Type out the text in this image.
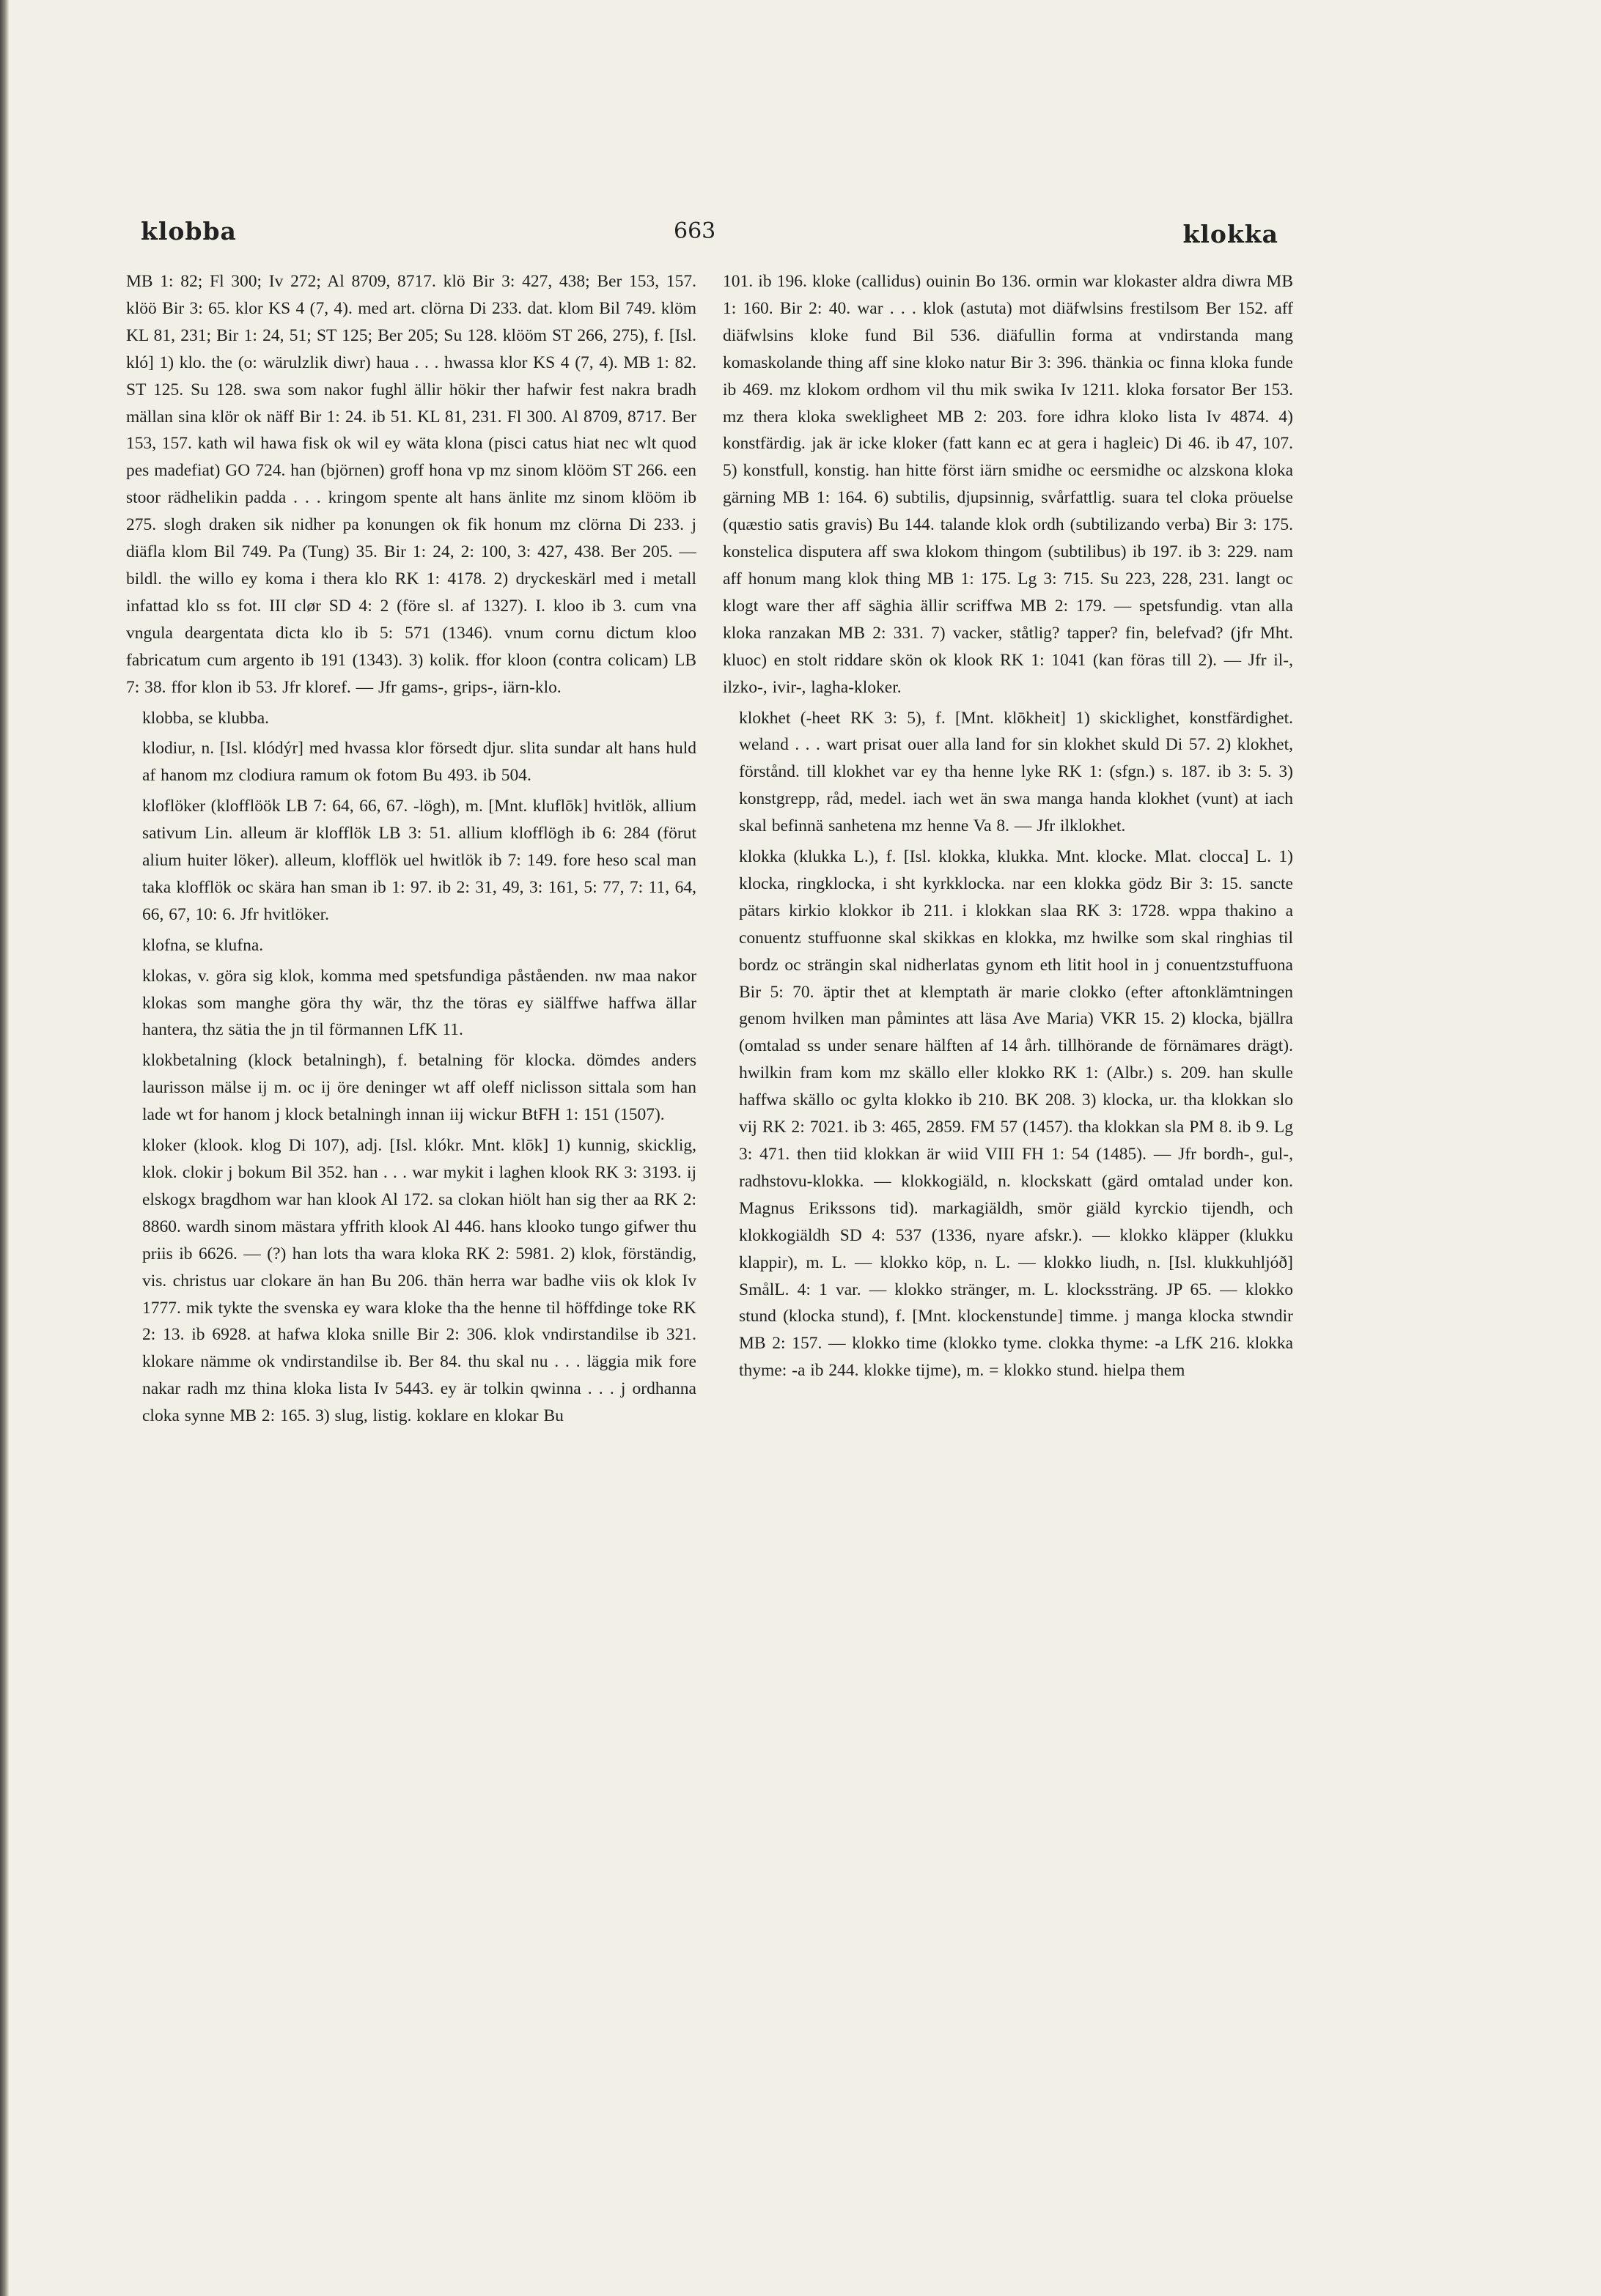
klobba	663	klokka

MB 1: 82; Fl 300; Iv 272; Al 8709, 8717. klö Bir 3: 427, 438; Ber 153, 157. klöö Bir 3: 65. klor KS 4 (7, 4). med art. clörna Di 233. dat. klom Bil 749. klöm KL 81, 231; Bir 1: 24, 51; ST 125; Ber 205; Su 128. klööm ST 266, 275), f. [Isl. kló] 1) klo. the (o: wärulzlik diwr) haua . . . hwassa klor KS 4 (7, 4). MB 1: 82. ST 125. Su 128. swa som nakor fughl ällir hökir ther hafwir fest nakra bradh mällan sina klör ok näff Bir 1: 24. ib 51. KL 81, 231. Fl 300. Al 8709, 8717. Ber 153, 157. kath wil hawa fisk ok wil ey wäta klona (pisci catus hiat nec wlt quod pes madefiat) GO 724. han (björnen) groff hona vp mz sinom klööm ST 266. een stoor rädhelikin padda . . . kringom spente alt hans änlite mz sinom klööm ib 275. slogh draken sik nidher pa konungen ok fik honum mz clörna Di 233. j diäfla klom Bil 749. Pa (Tung) 35. Bir 1: 24, 2: 100, 3: 427, 438. Ber 205. — bildl. the willo ey koma i thera klo RK 1: 4178. 2) dryckeskärl med i metall infattad klo ss fot. III clør SD 4: 2 (före sl. af 1327). I. kloo ib 3. cum vna vngula deargentata dicta klo ib 5: 571 (1346). vnum cornu dictum kloo fabricatum cum argento ib 191 (1343). 3) kolik. ffor kloon (contra colicam) LB 7: 38. ffor klon ib 53. Jfr kloref. — Jfr gams-, grips-, iärn-klo.

klobba, se klubba.

klodiur, n. [Isl. klódýr] med hvassa klor försedt djur. slita sundar alt hans huld af hanom mz clodiura ramum ok fotom Bu 493. ib 504.

kloflöker (klofflöök LB 7: 64, 66, 67. -lögh), m. [Mnt. kluflōk] hvitlök, allium sativum Lin. alleum är klofflök LB 3: 51. allium klofflögh ib 6: 284 (förut alium huiter löker). alleum, klofflök uel hwitlök ib 7: 149. fore heso scal man taka klofflök oc skära han sman ib 1: 97. ib 2: 31, 49, 3: 161, 5: 77, 7: 11, 64, 66, 67, 10: 6. Jfr hvitlöker.

klofna, se klufna.

klokas, v. göra sig klok, komma med spetsfundiga påståenden. nw maa nakor klokas som manghe göra thy wär, thz the töras ey siälffwe haffwa ällar hantera, thz sätia the jn til förmannen LfK 11.

klokbetalning (klock betalningh), f. betalning för klocka. dömdes anders laurisson mälse ij m. oc ij öre deninger wt aff oleff niclisson sittala som han lade wt for hanom j klock betalningh innan iij wickur BtFH 1: 151 (1507).

kloker (klook. klog Di 107), adj. [Isl. klókr. Mnt. klōk] 1) kunnig, skicklig, klok. clokir j bokum Bil 352. han . . . war mykit i laghen klook RK 3: 3193. ij elskogx bragdhom war han klook Al 172. sa clokan hiölt han sig ther aa RK 2: 8860. wardh sinom mästara yffrith klook Al 446. hans klooko tungo gifwer thu priis ib 6626. — (?) han lots tha wara kloka RK 2: 5981. 2) klok, förständig, vis. christus uar clokare än han Bu 206. thän herra war badhe viis ok klok Iv 1777. mik tykte the svenska ey wara kloke tha the henne til höffdinge toke RK 2: 13. ib 6928. at hafwa kloka snille Bir 2: 306. klok vndirstandilse ib 321. klokare nämme ok vndirstandilse ib. Ber 84. thu skal nu . . . läggia mik fore nakar radh mz thina kloka lista Iv 5443. ey är tolkin qwinna . . . j ordhanna cloka synne MB 2: 165. 3) slug, listig. koklare en klokar Bu

101. ib 196. kloke (callidus) ouinin Bo 136. ormin war klokaster aldra diwra MB 1: 160. Bir 2: 40. war . . . klok (astuta) mot diäfwlsins frestilsom Ber 152. aff diäfwlsins kloke fund Bil 536. diäfullin forma at vndirstanda mang komaskolande thing aff sine kloko natur Bir 3: 396. thänkia oc finna kloka funde ib 469. mz klokom ordhom vil thu mik swika Iv 1211. kloka forsator Ber 153. mz thera kloka swekligheet MB 2: 203. fore idhra kloko lista Iv 4874. 4) konstfärdig. jak är icke kloker (fatt kann ec at gera i hagleic) Di 46. ib 47, 107. 5) konstfull, konstig. han hitte först iärn smidhe oc eersmidhe oc alzskona kloka gärning MB 1: 164. 6) subtilis, djupsinnig, svårfattlig. suara tel cloka pröuelse (quæstio satis gravis) Bu 144. talande klok ordh (subtilizando verba) Bir 3: 175. konstelica disputera aff swa klokom thingom (subtilibus) ib 197. ib 3: 229. nam aff honum mang klok thing MB 1: 175. Lg 3: 715. Su 223, 228, 231. langt oc klogt ware ther aff säghia ällir scriffwa MB 2: 179. — spetsfundig. vtan alla kloka ranzakan MB 2: 331. 7) vacker, ståtlig? tapper? fin, belefvad? (jfr Mht. kluoc) en stolt riddare skön ok klook RK 1: 1041 (kan föras till 2). — Jfr il-, ilzko-, ivir-, lagha-kloker.

klokhet (-heet RK 3: 5), f. [Mnt. klōkheit] 1) skicklighet, konstfärdighet. weland . . . wart prisat ouer alla land for sin klokhet skuld Di 57. 2) klokhet, förstånd. till klokhet var ey tha henne lyke RK 1: (sfgn.) s. 187. ib 3: 5. 3) konstgrepp, råd, medel. iach wet än swa manga handa klokhet (vunt) at iach skal befinnä sanhetena mz henne Va 8. — Jfr ilklokhet.

klokka (klukka L.), f. [Isl. klokka, klukka. Mnt. klocke. Mlat. clocca] L. 1) klocka, ringklocka, i sht kyrkklocka. nar een klokka gödz Bir 3: 15. sancte pätars kirkio klokkor ib 211. i klokkan slaa RK 3: 1728. wppa thakino a conuentz stuffuonne skal skikkas en klokka, mz hwilke som skal ringhias til bordz oc strängin skal nidherlatas gynom eth litit hool in j conuentzstuffuona Bir 5: 70. äptir thet at klemptath är marie clokko (efter aftonklämtningen genom hvilken man påmintes att läsa Ave Maria) VKR 15. 2) klocka, bjällra (omtalad ss under senare hälften af 14 årh. tillhörande de förnämares drägt). hwilkin fram kom mz skällo eller klokko RK 1: (Albr.) s. 209. han skulle haffwa skällo oc gylta klokko ib 210. BK 208. 3) klocka, ur. tha klokkan slo vij RK 2: 7021. ib 3: 465, 2859. FM 57 (1457). tha klokkan sla PM 8. ib 9. Lg 3: 471. then tiid klokkan är wiid VIII FH 1: 54 (1485). — Jfr bordh-, gul-, radhstovu-klokka. — klokkogiäld, n. klockskatt (gärd omtalad under kon. Magnus Erikssons tid). markagiäldh, smör giäld kyrckio tijendh, och klokkogiäldh SD 4: 537 (1336, nyare afskr.). — klokko kläpper (klukku klappir), m. L. — klokko köp, n. L. — klokko liudh, n. [Isl. klukkuhljóð] SmålL. 4: 1 var. — klokko stränger, m. L. klockssträng. JP 65. — klokko stund (klocka stund), f. [Mnt. klockenstunde] timme. j manga klocka stwndir MB 2: 157. — klokko time (klokko tyme. clokka thyme: -a LfK 216. klokka thyme: -a ib 244. klokke tijme), m. = klokko stund. hielpa them
